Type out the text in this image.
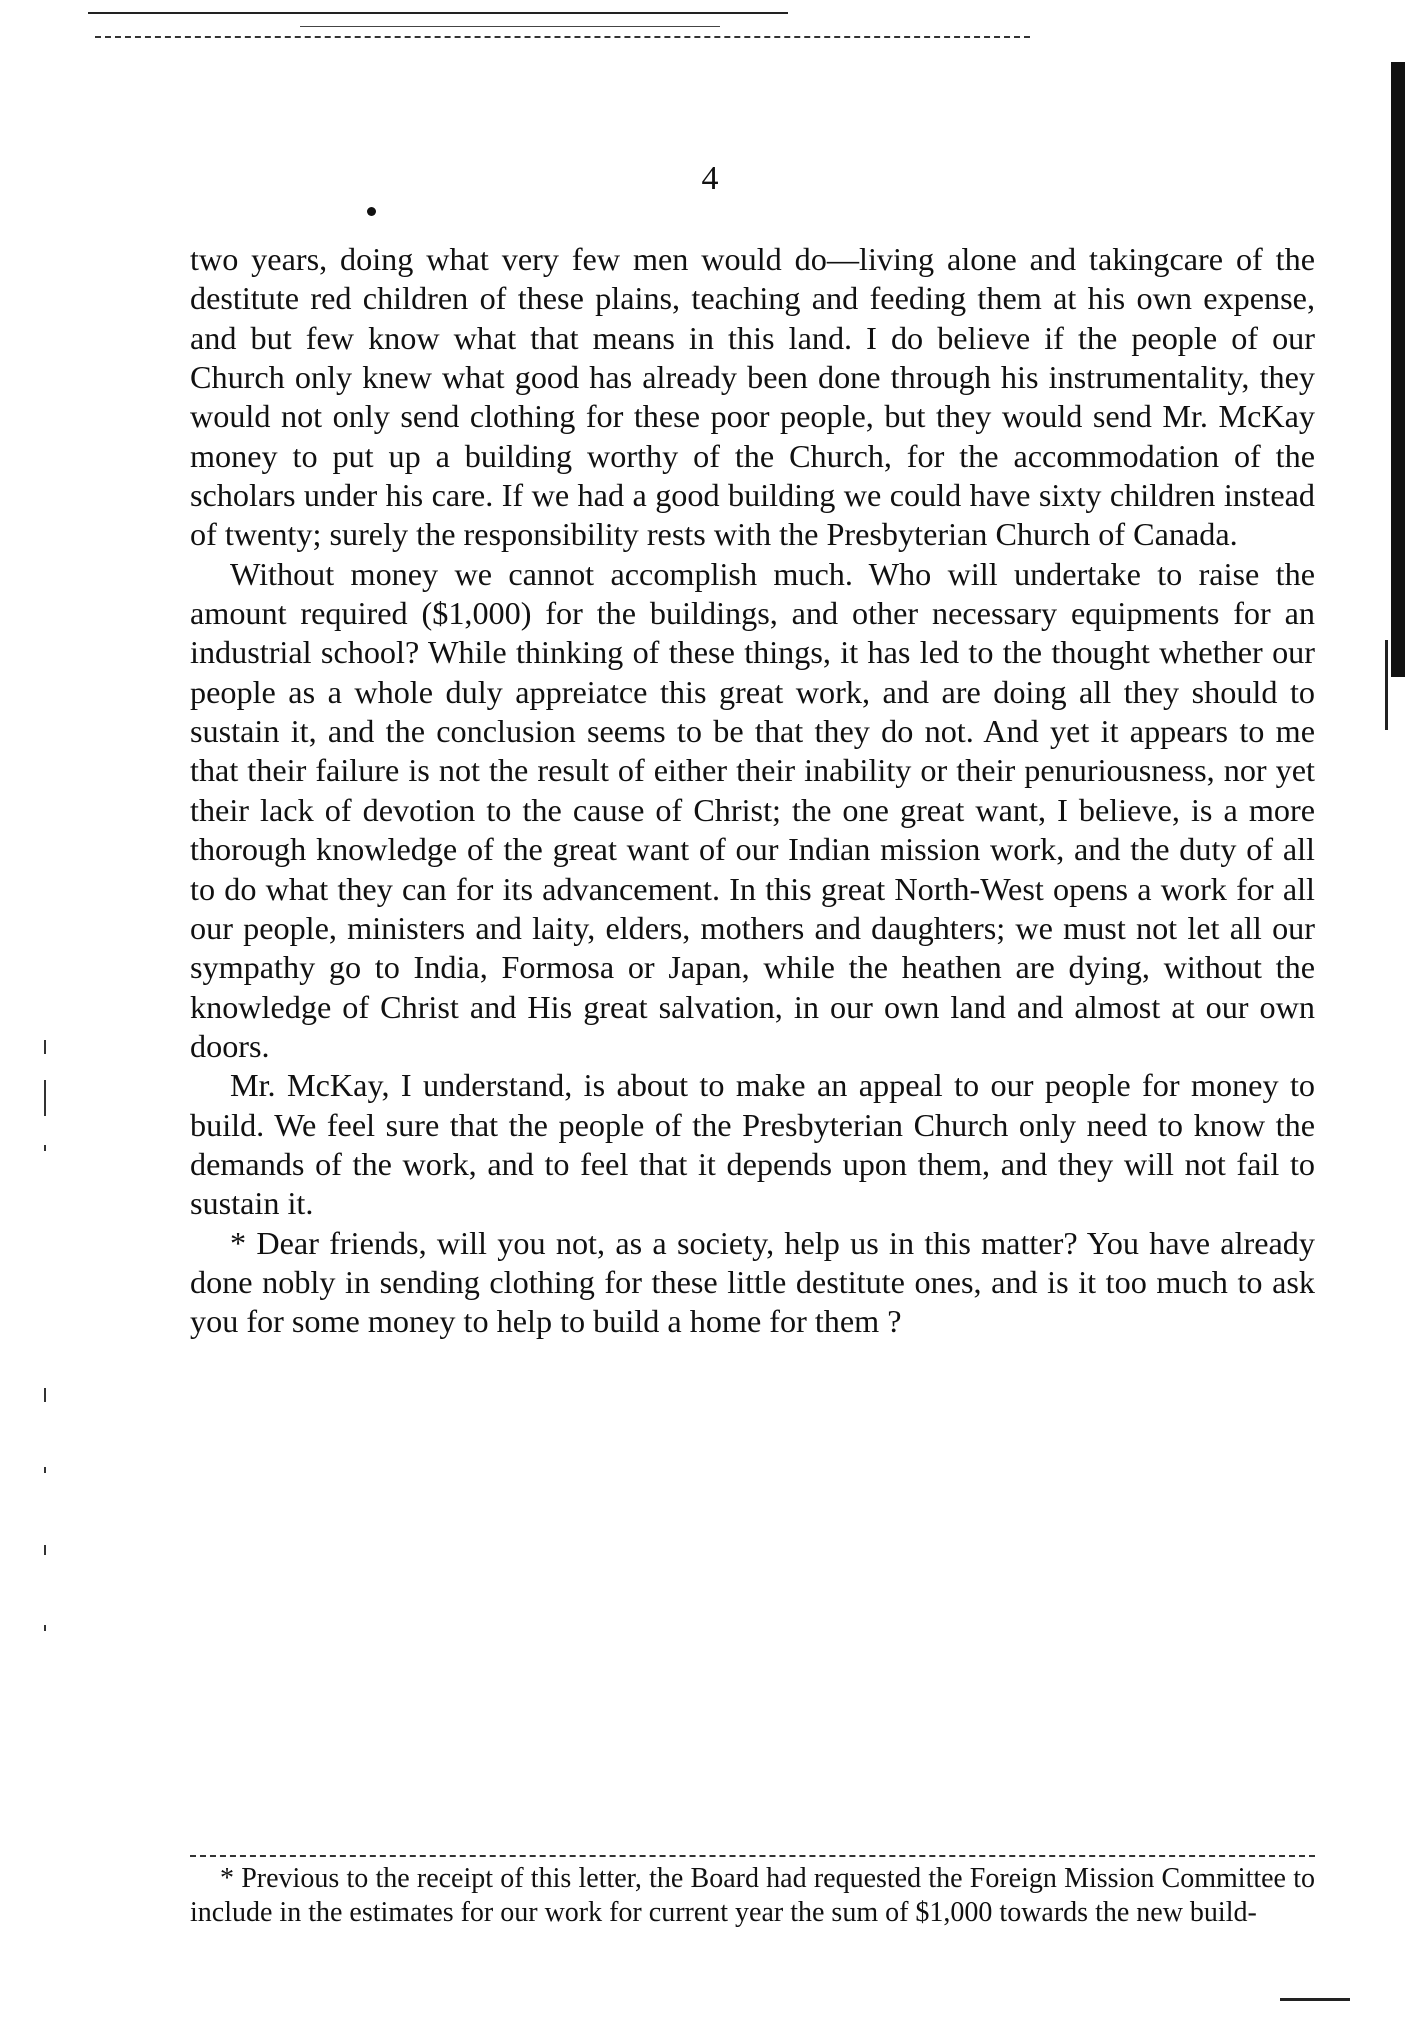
4

two years, doing what very few men would do—living alone and takingcare of the destitute red children of these plains, teaching and feeding them at his own expense, and but few know what that means in this land. I do believe if the people of our Church only knew what good has already been done through his instrumentality, they would not only send clothing for these poor people, but they would send Mr. McKay money to put up a building worthy of the Church, for the accommodation of the scholars under his care. If we had a good building we could have sixty children instead of twenty; surely the responsibility rests with the Presbyterian Church of Canada.

Without money we cannot accomplish much. Who will undertake to raise the amount required ($1,000) for the buildings, and other necessary equipments for an industrial school? While thinking of these things, it has led to the thought whether our people as a whole duly appreiatce this great work, and are doing all they should to sustain it, and the conclusion seems to be that they do not. And yet it appears to me that their failure is not the result of either their inability or their penuriousness, nor yet their lack of devotion to the cause of Christ; the one great want, I believe, is a more thorough knowledge of the great want of our Indian mission work, and the duty of all to do what they can for its advancement. In this great North-West opens a work for all our people, ministers and laity, elders, mothers and daughters; we must not let all our sympathy go to India, Formosa or Japan, while the heathen are dying, without the knowledge of Christ and His great salvation, in our own land and almost at our own doors.

Mr. McKay, I understand, is about to make an appeal to our people for money to build. We feel sure that the people of the Presbyterian Church only need to know the demands of the work, and to feel that it depends upon them, and they will not fail to sustain it.

* Dear friends, will you not, as a society, help us in this matter? You have already done nobly in sending clothing for these little destitute ones, and is it too much to ask you for some money to help to build a home for them ?

* Previous to the receipt of this letter, the Board had requested the Foreign Mission Committee to include in the estimates for our work for current year the sum of $1,000 towards the new build-
